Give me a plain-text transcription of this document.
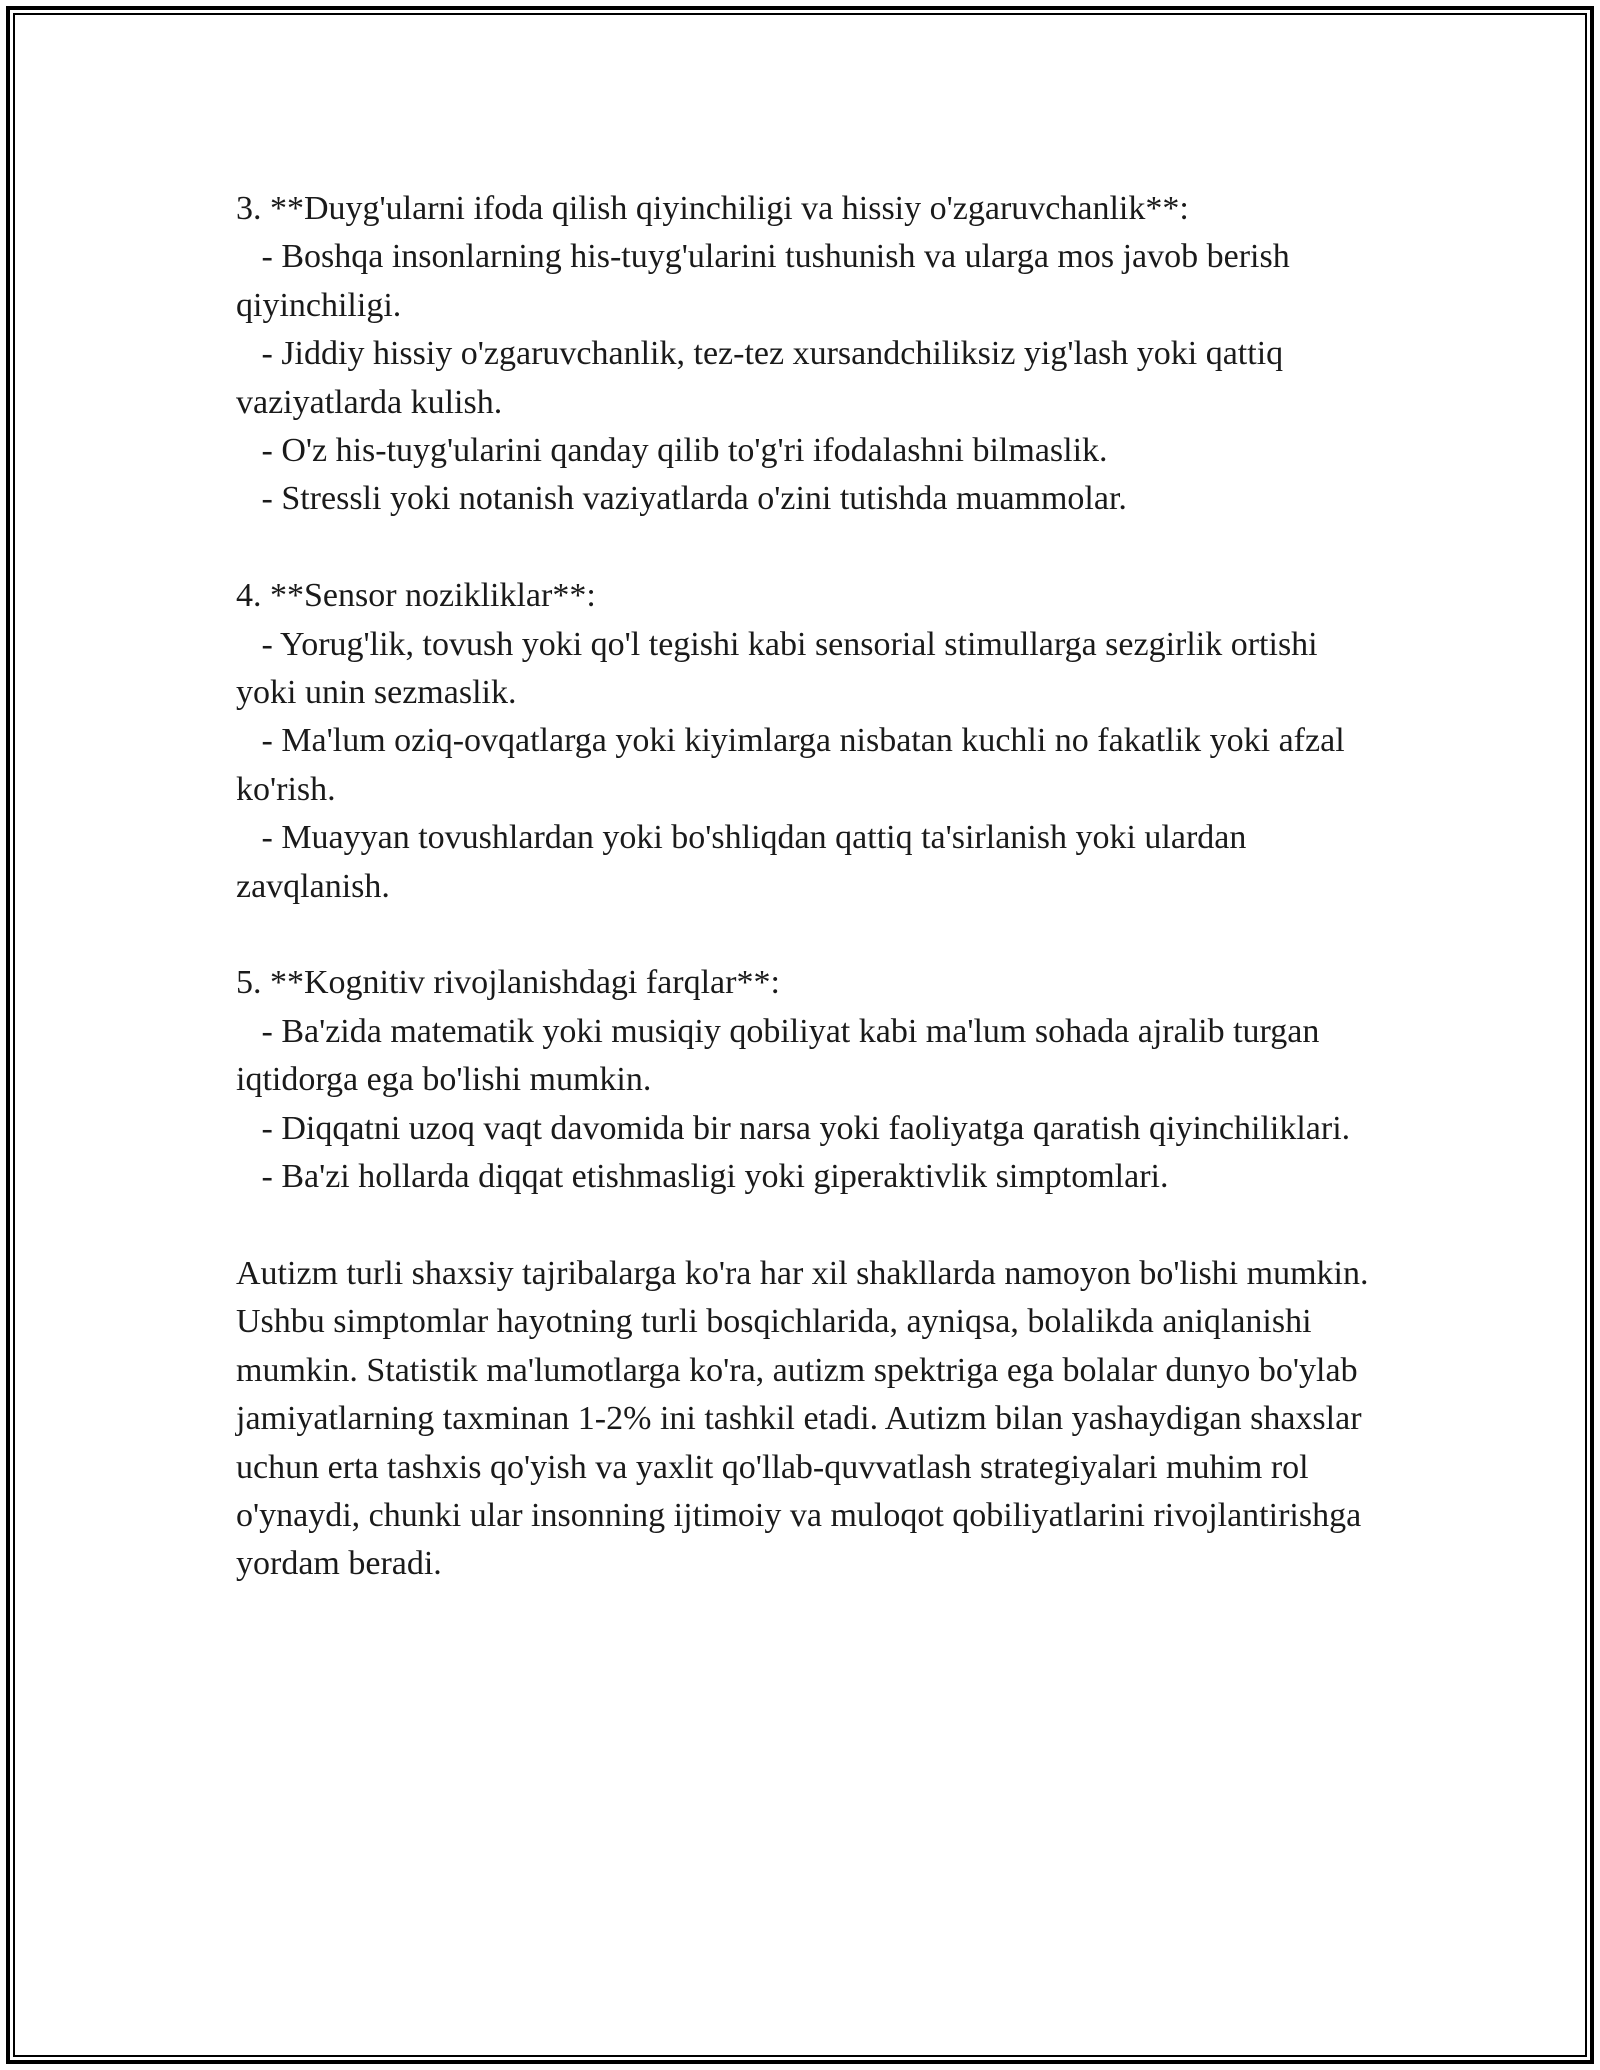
3. **Duyg'ularni ifoda qilish qiyinchiligi va hissiy o'zgaruvchanlik**:

- Boshqa insonlarning his-tuyg'ularini tushunish va ularga mos javob berish qiyinchiligi.

- Jiddiy hissiy o'zgaruvchanlik, tez-tez xursandchiliksiz yig'lash yoki qattiq vaziyatlarda kulish.

- O'z his-tuyg'ularini qanday qilib to'g'ri ifodalashni bilmaslik.

- Stressli yoki notanish vaziyatlarda o'zini tutishda muammolar.

4. **Sensor nozikliklar**:

- Yorug'lik, tovush yoki qo'l tegishi kabi sensorial stimullarga sezgirlik ortishi yoki unin sezmaslik.

- Ma'lum oziq-ovqatlarga yoki kiyimlarga nisbatan kuchli no fakatlik yoki afzal ko'rish.

- Muayyan tovushlardan yoki bo'shliqdan qattiq ta'sirlanish yoki ulardan zavqlanish.

5. **Kognitiv rivojlanishdagi farqlar**:

- Ba'zida matematik yoki musiqiy qobiliyat kabi ma'lum sohada ajralib turgan iqtidorga ega bo'lishi mumkin.

- Diqqatni uzoq vaqt davomida bir narsa yoki faoliyatga qaratish qiyinchiliklari.

- Ba'zi hollarda diqqat etishmasligi yoki giperaktivlik simptomlari.

Autizm turli shaxsiy tajribalarga ko'ra har xil shakllarda namoyon bo'lishi mumkin. Ushbu simptomlar hayotning turli bosqichlarida, ayniqsa, bolalikda aniqlanishi mumkin. Statistik ma'lumotlarga ko'ra, autizm spektriga ega bolalar dunyo bo'ylab jamiyatlarning taxminan 1-2% ini tashkil etadi. Autizm bilan yashaydigan shaxslar uchun erta tashxis qo'yish va yaxlit qo'llab-quvvatlash strategiyalari muhim rol o'ynaydi, chunki ular insonning ijtimoiy va muloqot qobiliyatlarini rivojlantirishga yordam beradi.
